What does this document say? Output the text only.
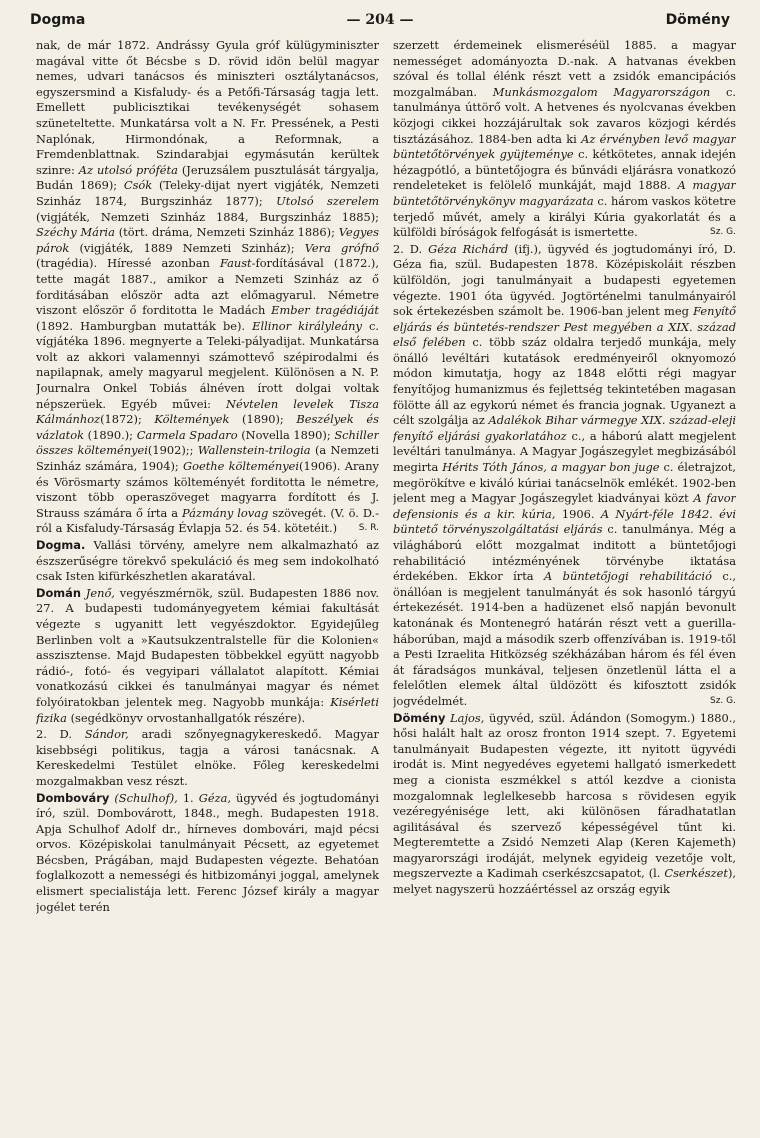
Dogma	— 204 —	Dömény

nak, de már 1872. Andrássy Gyula gróf külügyminiszter magával vitte őt Bécsbe s D. rövid idön belül magyar nemes, udvari tanácsos és miniszteri osztálytanácsos, egyszersmind a Kisfaludy- és a Petőfi-Társaság tagja lett. Emellett publicisztikai tevékenységét sohasem szüneteltette. Munkatársa volt a N. Fr. Pressének, a Pesti Naplónak, Hirmondónak, a Reformnak, a Fremdenblattnak. Szindarabjai egymásután kerültek szinre: Az utolsó próféta (Jeruzsálem pusztulását tárgyalja, Budán 1869); Csók (Teleky-dijat nyert vigjáték, Nemzeti Szinház 1874, Burgszinház 1877); Utolsó szerelem (vigjáték, Nemzeti Szinház 1884, Burgszinház 1885); Széchy Mária (tört. dráma, Nemzeti Szinház 1886); Vegyes párok (vigjáték, 1889 Nemzeti Szinház); Vera grófnő (tragédia). Híressé azonban Faust-fordításával (1872.), tette magát 1887., amikor a Nemzeti Szinház az ő forditásában először adta azt előmagyarul. Németre viszont először ő forditotta le Madách Ember tragédiáját (1892. Hamburgban mutatták be). Ellinor királyleány c. vígjátéka 1896. megnyerte a Teleki-pályadijat. Munkatársa volt az akkori valamennyi számottevő szépirodalmi és napilapnak, amely magyarul megjelent. Különösen a N. P. Journalra Onkel Tobiás álnéven írott dolgai voltak népszerüek. Egyéb művei: Névtelen levelek Tisza Kálmánhoz(1872); Költemények (1890); Beszélyek és vázlatok (1890.); Carmela Spadaro (Novella 1890); Schiller összes költeményei(1902);; Wallenstein-trilogia (a Nemzeti Szinház számára, 1904); Goethe költeményei(1906). Arany és Vörösmarty számos költeményét forditotta le németre, viszont több operaszöveget magyarra fordított és J. Strauss számára ő írta a Pázmány lovag szövegét. (V. ö. D.-ról a Kisfaludy-Társaság Évlapja 52. és 54. kötetéit.) S. R.

Dogma. Vallási törvény, amelyre nem alkalmazható az észszerűségre törekvő spekuláció és meg sem indokolható csak Isten kifürkészhetlen akaratával.

Domán Jenő, vegyészmérnök, szül. Budapesten 1886 nov. 27. A budapesti tudományegyetem kémiai fakultását végezte s ugyanitt lett vegyészdoktor. Egyidejűleg Berlinben volt a »Kautsukzentralstelle für die Kolonien« asszisztense. Majd Budapesten többekkel együtt nagyobb rádió-, fotó- és vegyipari vállalatot alapított. Kémiai vonatkozású cikkei és tanulmányai magyar és német folyóiratokban jelentek meg. Nagyobb munkája: Kisérleti fizika (segédkönyv orvostanhallgatók részére).

2. D. Sándor, aradi szőnyegnagykereskedő. Magyar kisebbségi politikus, tagja a városi tanácsnak. A Kereskedelmi Testület elnöke. Főleg kereskedelmi mozgalmakban vesz részt.

Dombováry (Schulhof), 1. Géza, ügyvéd és jogtudományi író, szül. Dombovárott, 1848., megh. Budapesten 1918. Apja Schulhof Adolf dr., hírneves dombovári, majd pécsi orvos. Középiskolai tanulmányait Pécsett, az egyetemet Bécsben, Prágában, majd Budapesten végezte. Behatóan foglalkozott a nemességi és hitbizományi joggal, amelynek elismert specialistája lett. Ferenc József király a magyar jogélet terén

szerzett érdemeinek elismeréséül 1885. a magyar nemességet adományozta D.-nak. A hatvanas években szóval és tollal élénk részt vett a zsidók emancipációs mozgalmában. Munkásmozgalom Magyarországon c. tanulmánya úttörő volt. A hetvenes és nyolcvanas években közjogi cikkei hozzájárultak sok zavaros közjogi kérdés tisztázásához. 1884-ben adta ki Az érvényben levő magyar büntetőtörvények gyüjteménye c. kétkötetes, annak idején hézagpótló, a büntetőjogra és bűnvádi eljárásra vonatkozó rendeleteket is felölelő munkáját, majd 1888. A magyar büntetőtörvénykönyv magyarázata c. három vaskos kötetre terjedő művét, amely a királyi Kúria gyakorlatát és a külföldi bíróságok felfogását is ismertette.	Sz. G.

2. D. Géza Richárd (ifj.), ügyvéd és jogtudományi író, D. Géza fia, szül. Budapesten 1878. Középiskoláit részben külföldön, jogi tanulmányait a budapesti egyetemen végezte. 1901 óta ügyvéd. Jogtörténelmi tanulmányairól sok értekezésben számolt be. 1906-ban jelent meg Fenyítő eljárás és büntetés-rendszer Pest megyében a XIX. század első felében c. több száz oldalra terjedő munkája, mely önálló levéltári kutatások eredményeiről oknyomozó módon kimutatja, hogy az 1848 előtti régi magyar fenyítőjog humanizmus és fejlettség tekintetében magasan fölötte áll az egykorú német és francia jognak. Ugyanezt a célt szolgálja az Adalékok Bihar vármegye XIX. század-eleji fenyítő eljárási gyakorlatához c., a háború alatt megjelent levéltári tanulmánya. A Magyar Jogászegylet megbizásából megirta Hérits Tóth János, a magyar bon juge c. életrajzot, megörökítve e kiváló kúriai tanácselnök emlékét. 1902-ben jelent meg a Magyar Jogászegylet kiadványai közt A favor defensionis és a kir. kúria, 1906. A Nyárt-féle 1842. évi büntető törvényszolgáltatási eljárás c. tanulmánya. Még a világháború előtt mozgalmat inditott a büntetőjogi rehabilitáció intézményének törvénybe iktatása érdekében. Ekkor írta A büntetőjogi rehabilitáció c., önállóan is megjelent tanulmányát és sok hasonló tárgyú értekezését. 1914-ben a hadüzenet első napján bevonult katonának és Montenegró határán részt vett a guerilla-háborúban, majd a második szerb offenzívában is. 1919-től a Pesti Izraelita Hitközség székházában három és fél éven át fáradságos munkával, teljesen önzetlenül látta el a felelőtlen elemek által üldözött és kifosztott zsidók jogvédelmét.	Sz. G.

Dömény Lajos, ügyvéd, szül. Ádándon (Somogym.) 1880., hősi halált halt az orosz fronton 1914 szept. 7. Egyetemi tanulmányait Budapesten végezte, itt nyitott ügyvédi irodát is. Mint negyedéves egyetemi hallgató ismerkedett meg a cionista eszmékkel s attól kezdve a cionista mozgalomnak leglelkesebb harcosa s rövidesen egyik vezéregyénisége lett, aki különösen fáradhatatlan agilitásával és szervező képességével tűnt ki. Megteremtette a Zsidó Nemzeti Alap (Keren Kajemeth) magyarországi irodáját, melynek egyideig vezetője volt, megszervezte a Kadimah cserkészcsapatot, (l. Cserkészet), melyet nagyszerü hozzáértéssel az ország egyik
